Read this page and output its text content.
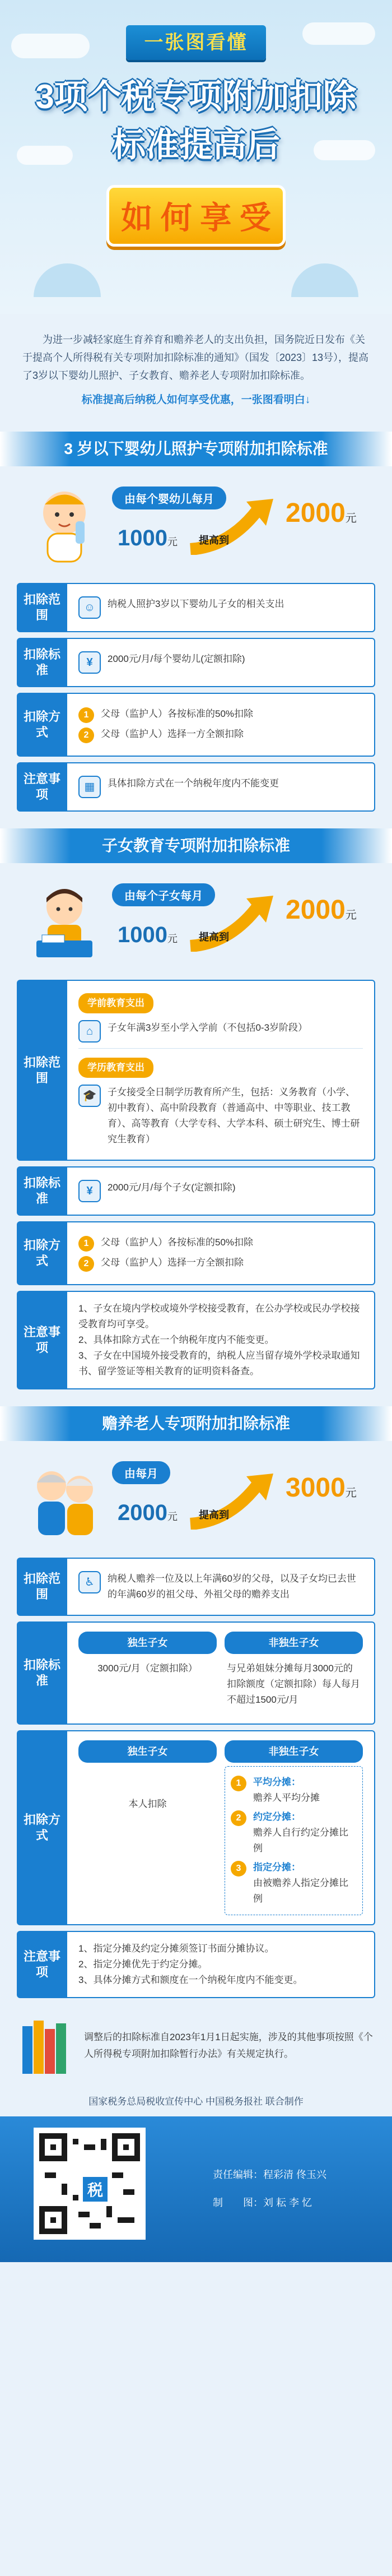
一张图看懂
3项个税专项附加扣除
标准提高后
如 何 享 受

为进一步减轻家庭生育养育和赡养老人的支出负担，国务院近日发布《关于提高个人所得税有关专项附加扣除标准的通知》（国发〔2023〕13号），提高了3岁以下婴幼儿照护、子女教育、赡养老人专项附加扣除标准。

标准提高后纳税人如何享受优惠，一张图看明白↓
3 岁以下婴幼儿照护专项附加扣除标准
由每个婴幼儿每月
1000元 提高到
2000元
扣除范围
☺	纳税人照护3岁以下婴幼儿子女的相关支出
扣除标准
¥	2000元/月/每个婴幼儿(定额扣除)
扣除方式
1	父母（监护人）各按标准的50%扣除
2	父母（监护人）选择一方全额扣除
注意事项
▦	具体扣除方式在一个纳税年度内不能变更
子女教育专项附加扣除标准
由每个子女每月
1000元 提高到
2000元
扣除范围
学前教育支出
⌂	子女年满3岁至小学入学前（不包括0-3岁阶段）
学历教育支出
🎓	子女接受全日制学历教育所产生，包括：义务教育（小学、初中教育）、高中阶段教育（普通高中、中等职业、技工教育）、高等教育（大学专科、大学本科、硕士研究生、博士研究生教育）
扣除标准
¥	2000元/月/每个子女(定额扣除)
扣除方式
1	父母（监护人）各按标准的50%扣除
2	父母（监护人）选择一方全额扣除
注意事项
1、子女在境内学校或境外学校接受教育，在公办学校或民办学校接受教育均可享受。
2、具体扣除方式在一个纳税年度内不能变更。
3、子女在中国境外接受教育的，纳税人应当留存境外学校录取通知书、留学签证等相关教育的证明资料备查。
赡养老人专项附加扣除标准
由每月
2000元 提高到
3000元
扣除范围
♿	纳税人赡养一位及以上年满60岁的父母，以及子女均已去世的年满60岁的祖父母、外祖父母的赡养支出
扣除标准
独生子女
3000元/月（定额扣除）
非独生子女
与兄弟姐妹分摊每月3000元的扣除额度（定额扣除）每人每月不超过1500元/月
扣除方式
独生子女
本人扣除
非独生子女
1	平均分摊：
赡养人平均分摊
2	约定分摊：
赡养人自行约定分摊比例
3	指定分摊：
由被赡养人指定分摊比例
注意事项
1、指定分摊及约定分摊须签订书面分摊协议。
2、指定分摊优先于约定分摊。
3、具体分摊方式和额度在一个纳税年度内不能变更。
调整后的扣除标准自2023年1月1日起实施，涉及的其他事项按照《个人所得税专项附加扣除暂行办法》有关规定执行。
国家税务总局税收宣传中心 中国税务报社 联合制作
税
责任编辑：程彩清 佟玉兴
制　　图：刘 耘 李 忆
